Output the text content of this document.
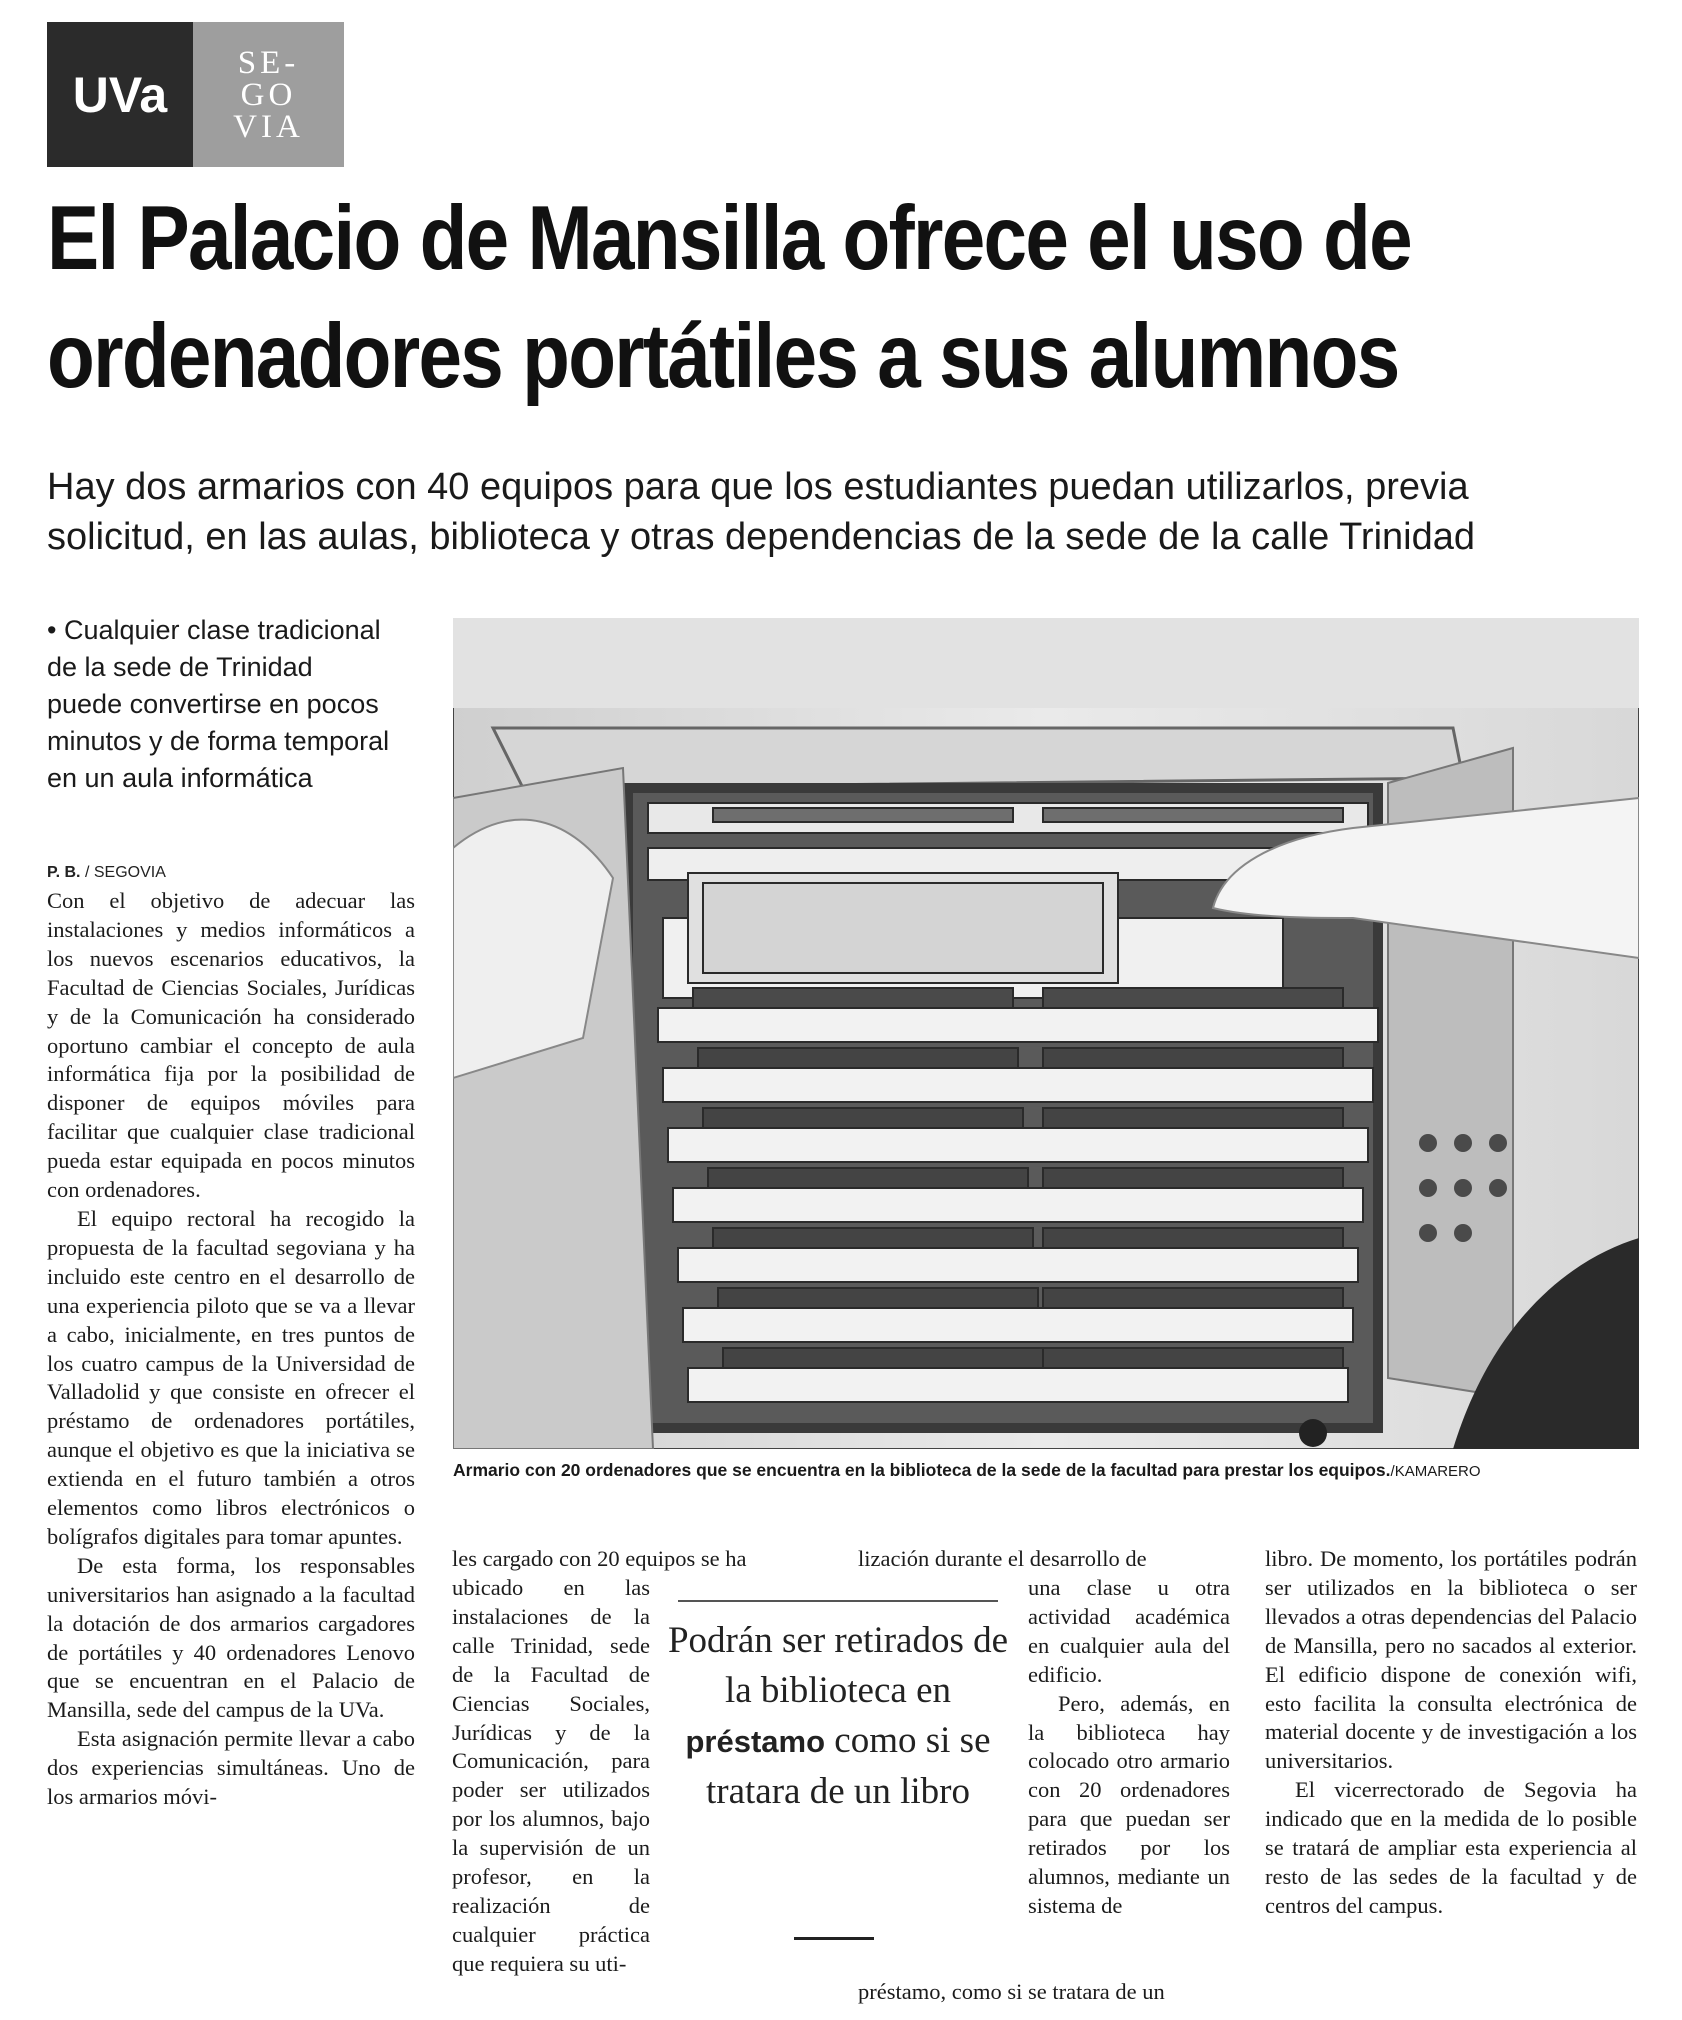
UVa
SE-
GO
VIA
El Palacio de Mansilla ofrece el uso de
ordenadores portátiles a sus alumnos
Hay dos armarios con 40 equipos para que los estudiantes puedan utilizarlos, previa
solicitud, en las aulas, biblioteca y otras dependencias de la sede de la calle Trinidad
• Cualquier clase tradicional de la sede de Trinidad puede convertirse en pocos minutos y de forma temporal en un aula informática
P. B. / SEGOVIA

Con el objetivo de adecuar las instalaciones y medios informáticos a los nuevos escenarios educativos, la Facultad de Ciencias Sociales, Jurídicas y de la Comunicación ha considerado oportuno cambiar el concepto de aula informática fija por la posibilidad de disponer de equipos móviles para facilitar que cualquier clase tradicional pueda estar equipada en pocos minutos con ordenadores.

El equipo rectoral ha recogido la propuesta de la facultad segoviana y ha incluido este centro en el desarrollo de una experiencia piloto que se va a llevar a cabo, inicialmente, en tres puntos de los cuatro campus de la Universidad de Valladolid y que consiste en ofrecer el préstamo de ordenadores portátiles, aunque el objetivo es que la iniciativa se extienda en el futuro también a otros elementos como libros electrónicos o bolígrafos digitales para tomar apuntes.

De esta forma, los responsables universitarios han asignado a la facultad la dotación de dos armarios cargadores de portátiles y 40 ordenadores Lenovo que se encuentran en el Palacio de Mansilla, sede del campus de la UVa.

Esta asignación permite llevar a cabo dos experiencias simultáneas. Uno de los armarios móvi-

les cargado con 20 equipos se ha

ubicado en las instalaciones de la calle Trinidad, sede de la Facultad de Ciencias Sociales, Jurídicas y de la Comunicación, para poder ser utilizados por los alumnos, bajo la supervisión de un profesor, en la realización de cualquier práctica que requiera su uti-

lización durante el desarrollo de

una clase u otra actividad académica en cualquier aula del edificio.

Pero, además, en la biblioteca hay colocado otro armario con 20 ordenadores para que puedan ser retirados por los alumnos, mediante un sistema de

préstamo, como si se tratara de un

libro. De momento, los portátiles podrán ser utilizados en la biblioteca o ser llevados a otras dependencias del Palacio de Mansilla, pero no sacados al exterior. El edificio dispone de conexión wifi, esto facilita la consulta electrónica de material docente y de investigación a los universitarios.

El vicerrectorado de Segovia ha indicado que en la medida de lo posible se tratará de ampliar esta experiencia al resto de las sedes de la facultad y de centros del campus.

Podrán ser retirados de la biblioteca en préstamo como si se tratara de un libro
Armario con 20 ordenadores que se encuentra en la biblioteca de la sede de la facultad para prestar los equipos./KAMARERO
